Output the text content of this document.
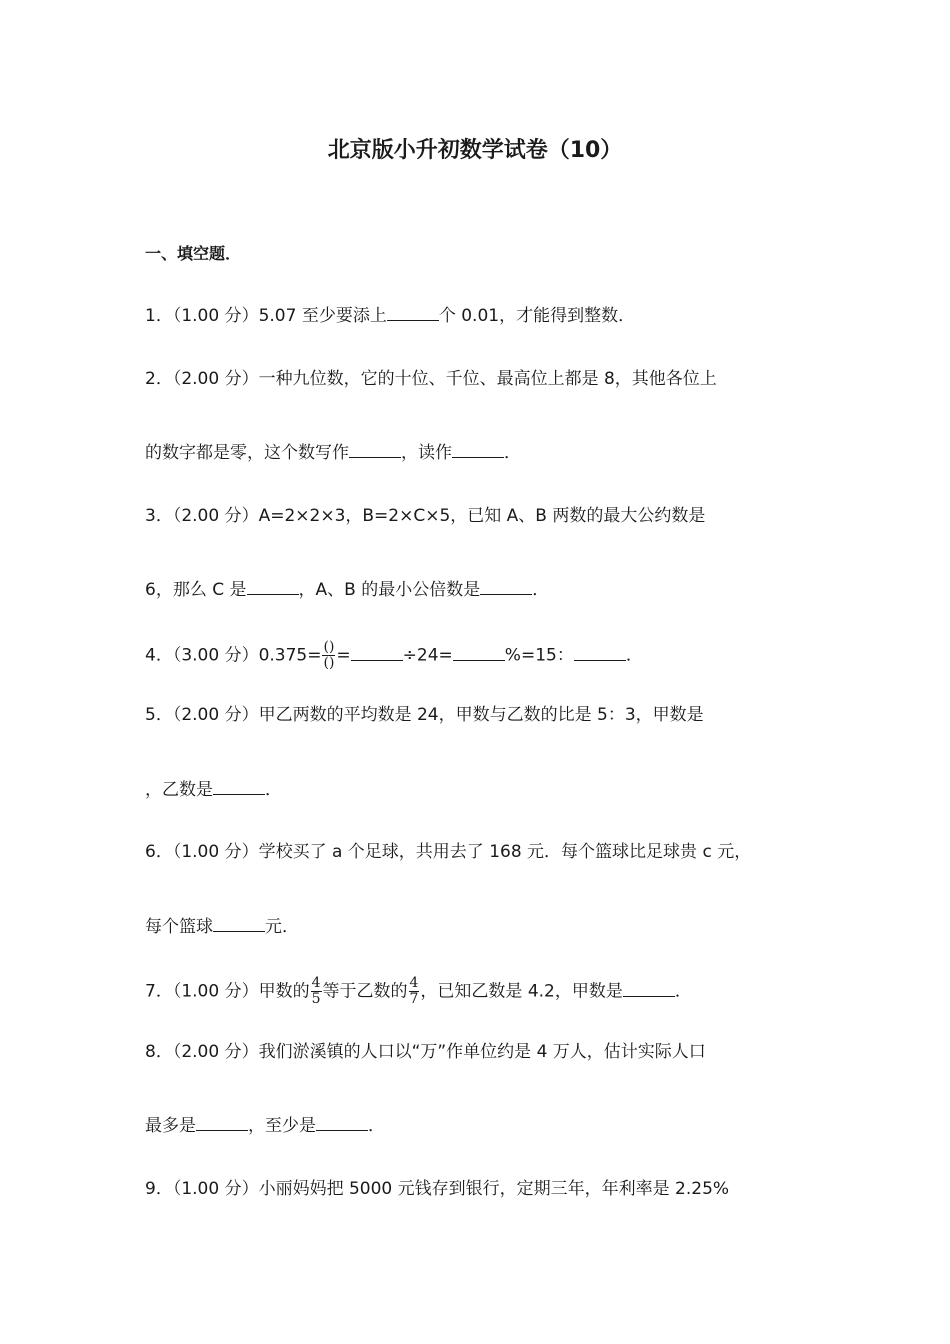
北京版小升初数学试卷（10）
一、填空题．
1．（1.00 分）5.07 至少要添上	个 0.01，才能得到整数．
2．（2.00 分）一种九位数，它的十位、千位、最高位上都是 8，其他各位上
的数字都是零，这个数写作	，读作	．
3．（2.00 分）A=2×2×3，B=2×C×5，已知 A、B 两数的最大公约数是
6，那么 C 是	，A、B 的最小公倍数是	．
4．（3.00 分）$0.375= \frac{()}{()}$ =	÷24=	%=15：	．
5．（2.00 分）甲乙两数的平均数是 24，甲数与乙数的比是 5：3，甲数是
，乙数是	．
6．（1.00 分）学校买了 a 个足球，共用去了 168 元．每个篮球比足球贵 c 元，
每个篮球	元．
7．（1.00 分）甲数的 $\frac{4}{5}$ 等于乙数的 $\frac{4}{7}$ ，已知乙数是 4.2，甲数是	．
8．（2.00 分）我们淤溪镇的人口以“万”作单位约是 4 万人，估计实际人口
最多是	，至少是	．
9．（1.00 分）小丽妈妈把 5000 元钱存到银行，定期三年，年利率是 2.25%
